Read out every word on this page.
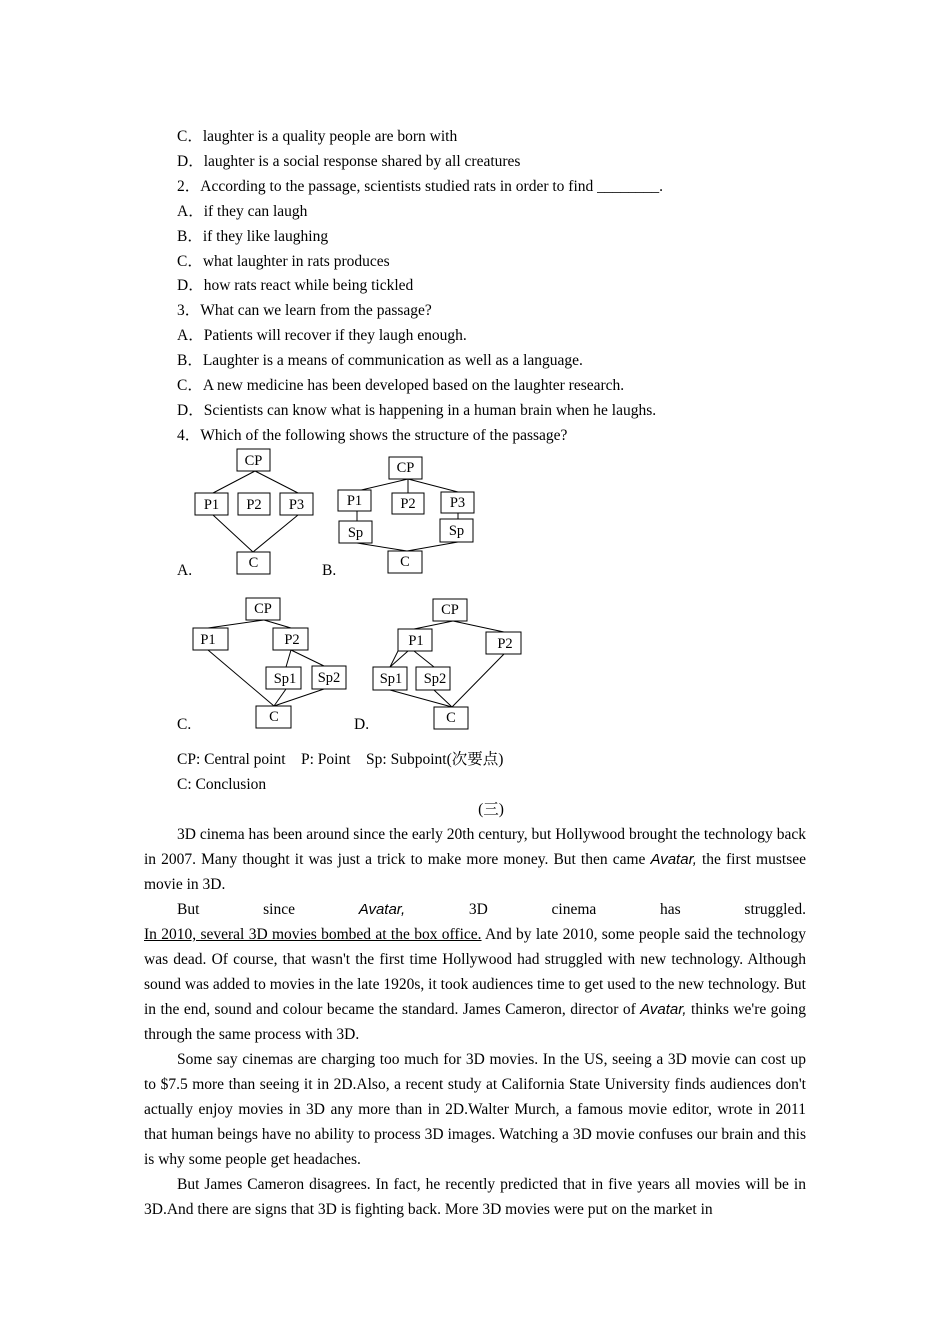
C．laughter is a quality people are born with
D．laughter is a social response shared by all creatures
2．According to the passage, scientists studied rats in order to find ________.
A．if they can laugh
B．if they like laughing
C．what laughter in rats produces
D．how rats react while being tickled
3．What can we learn from the passage?
A．Patients will recover if they laugh enough.
B．Laughter is a means of communication as well as a language.
C．A new medicine has been developed based on the laughter research.
D．Scientists can know what is happening in a human brain when he laughs.
4．Which of the following shows the structure of the passage?
CP
P1 P2 P3
C
A.
CP
P1	P2 P3
Sp	Sp
C
B.
CP
P1	P2
Sp1 Sp2
C
C.
CP
P1	P2
Sp1 Sp2
C
D.
CP: Central point    P: Point    Sp: Subpoint(次要点)
C: Conclusion
(三)

3D cinema has been around since the early 20th century, but Hollywood brought the technology back in 2007. Many thought it was just a trick to make more money. But then came Avatar, the first mustsee movie in 3D.

But since Avatar, 3D cinema has struggled.

In 2010, several 3D movies bombed at the box office. And by late 2010, some people said the technology was dead. Of course, that wasn't the first time Hollywood had struggled with new technology. Although sound was added to movies in the late 1920s, it took audiences time to get used to the new technology. But in the end, sound and colour became the standard. James Cameron, director of Avatar, thinks we're going through the same process with 3D.

Some say cinemas are charging too much for 3D movies. In the US, seeing a 3D movie can cost up to $7.5 more than seeing it in 2D.Also, a recent study at California State University finds audiences don't actually enjoy movies in 3D any more than in 2D.Walter Murch, a famous movie editor, wrote in 2011 that human beings have no ability to process 3D images. Watching a 3D movie confuses our brain and this is why some people get headaches.

But James Cameron disagrees. In fact, he recently predicted that in five years all movies will be in 3D.And there are signs that 3D is fighting back. More 3D movies were put on the market in
